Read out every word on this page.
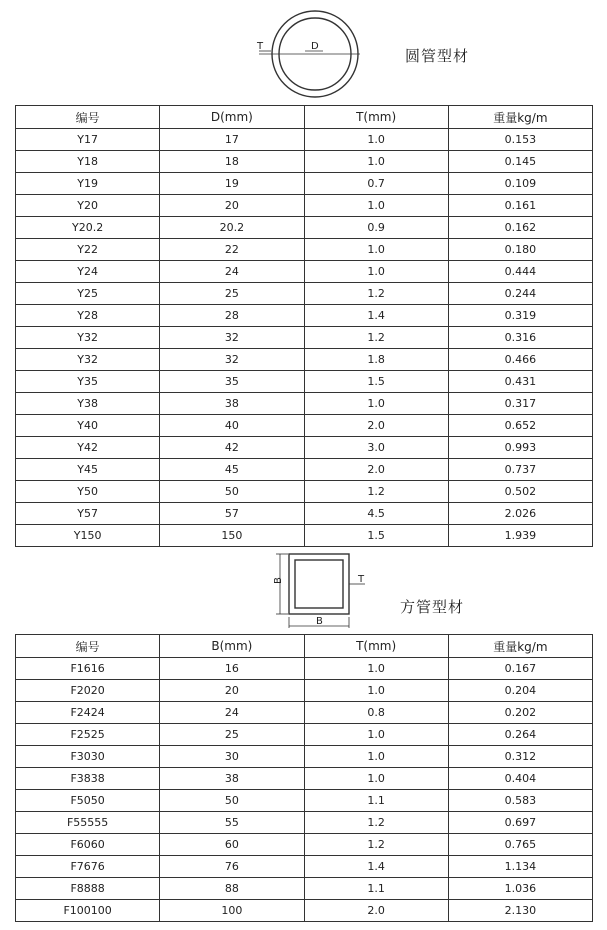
T	D
圆管型材
编号	D(mm)	T(mm)	重量kg/m
Y17	17	1.0	0.153
Y18	18	1.0	0.145
Y19	19	0.7	0.109
Y20	20	1.0	0.161
Y20.2	20.2	0.9	0.162
Y22	22	1.0	0.180
Y24	24	1.0	0.444
Y25	25	1.2	0.244
Y28	28	1.4	0.319
Y32	32	1.2	0.316
Y32	32	1.8	0.466
Y35	35	1.5	0.431
Y38	38	1.0	0.317
Y40	40	2.0	0.652
Y42	42	3.0	0.993
Y45	45	2.0	0.737
Y50	50	1.2	0.502
Y57	57	4.5	2.026
Y150	150	1.5	1.939
B	T
B
方管型材
编号	B(mm)	T(mm)	重量kg/m
F1616	16	1.0	0.167
F2020	20	1.0	0.204
F2424	24	0.8	0.202
F2525	25	1.0	0.264
F3030	30	1.0	0.312
F3838	38	1.0	0.404
F5050	50	1.1	0.583
F55555	55	1.2	0.697
F6060	60	1.2	0.765
F7676	76	1.4	1.134
F8888	88	1.1	1.036
F100100	100	2.0	2.130
